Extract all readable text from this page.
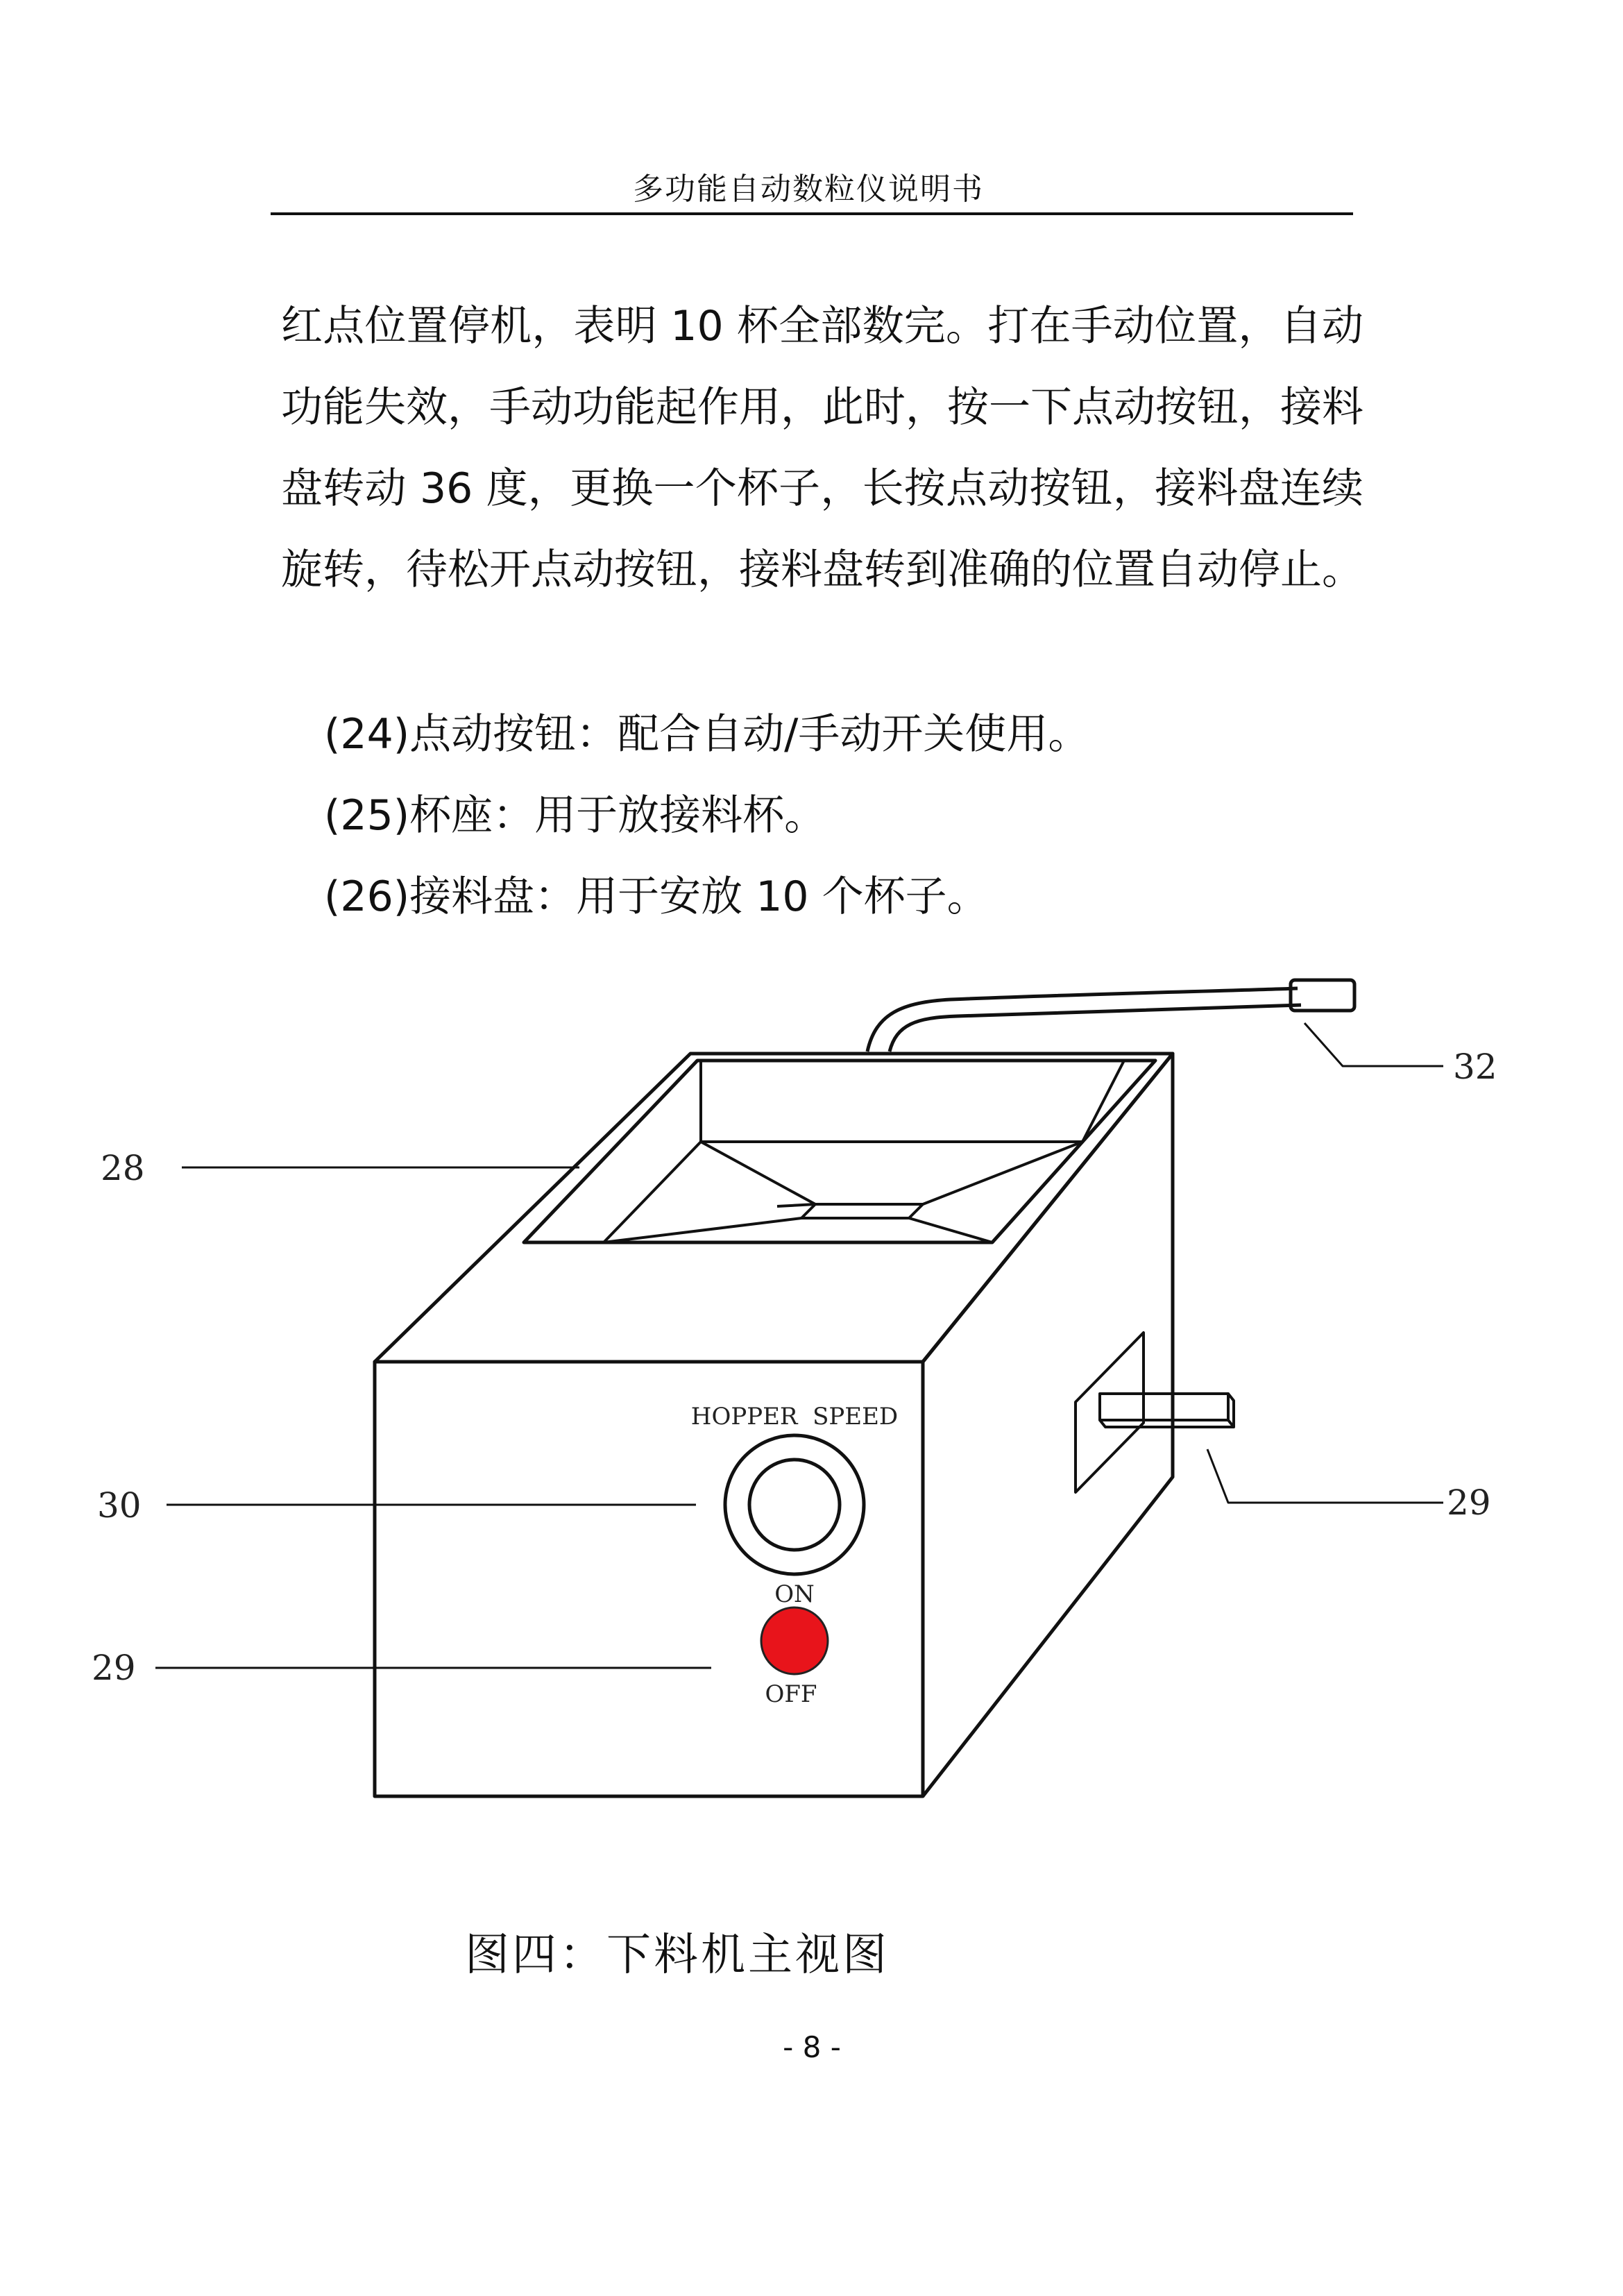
多功能自动数粒仪说明书
红点位置停机，表明 10 杯全部数完。打在手动位置，自动功能失效，手动功能起作用，此时，按一下点动按钮，接料盘转动 36 度，更换一个杯子，长按点动按钮，接料盘连续旋转，待松开点动按钮，接料盘转到准确的位置自动停止。
(24)点动按钮：配合自动/手动开关使用。
(25)杯座：用于放接料杯。
(26)接料盘：用于安放 10 个杯子。
HOPPER  SPEED
ON
OFF
28
30
29
32
29
图四：下料机主视图
- 8 -
